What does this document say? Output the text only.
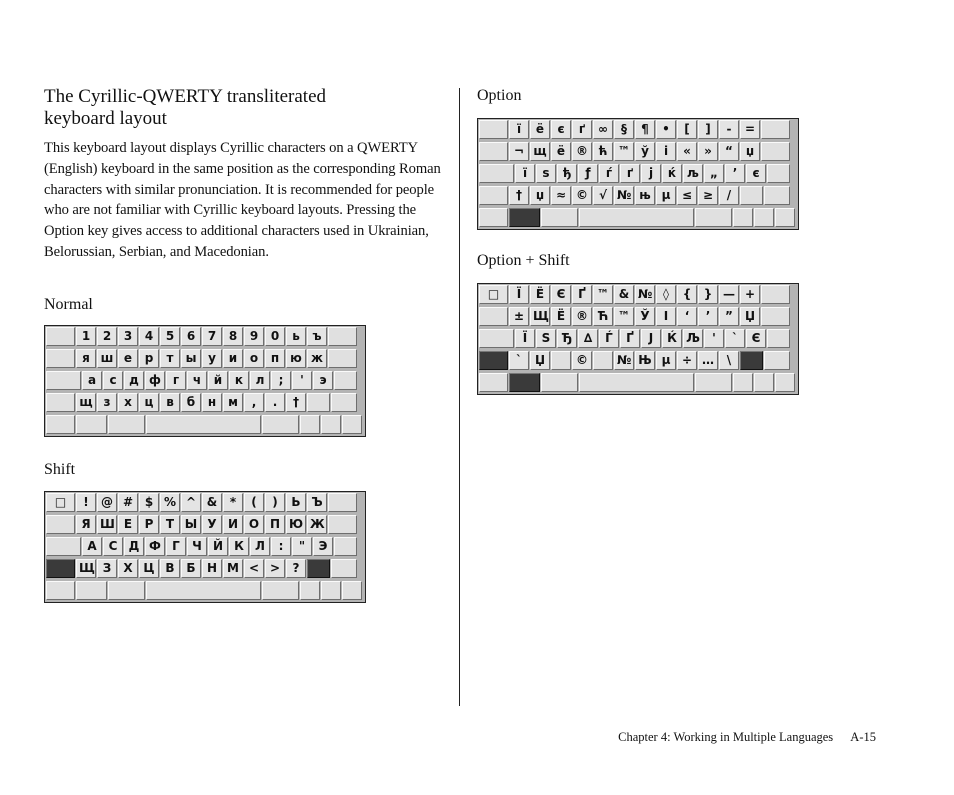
The Cyrillic-QWERTY transliterated
keyboard layout

This keyboard layout displays Cyrillic characters on a QWERTY (English) keyboard in the same position as the corresponding Roman characters with similar pronunciation. It is recommended for people who are not familiar with Cyrillic keyboard layouts. Pressing the Option key gives access to additional characters used in Ukrainian, Belorussian, Serbian, and Macedonian.

Normal
1	2	3	4	5	6	7	8	9	0	ь	ъ
я ш е	р	т	ы у	и	о	п ю ж
а	с	д ф г	ч	й	к	л	;	'	э
щ з	х	ц	в	б	н м	,	.	†
Shift
□	!	@ # $ % ^ &	*	(	)	Ь Ъ
Я Ш Е	Р	Т Ы У И О П Ю Ж
А С Д Ф Г	Ч Й К Л	:	"	Э
Щ З	Х Ц В Б Н М < >	?
Option
ї	ё	є	ґ	∞	§	¶	•	[	]	-	=
¬ щ ё ® ћ ™ ў	і	«	»	“	џ
ї	ѕ	ђ	ƒ	ѓ	ґ	ј	ќ љ „	’	є
†	џ ≈ © √ № њ µ ≤ ≥	/
Option + Shift
□	Ї	Ё	Є	Ґ ™ & № ◊	{	} — +
± Щ Ё ® Ћ ™ Ў	І	‘	’	”	Џ
Ї	Ѕ Ђ ∆	Ѓ	Ґ	Ј	Ќ Љ	'	`	Є
`	Џ	©	№ Њ µ ÷ …	\
Chapter 4: Working in Multiple Languages A-15
